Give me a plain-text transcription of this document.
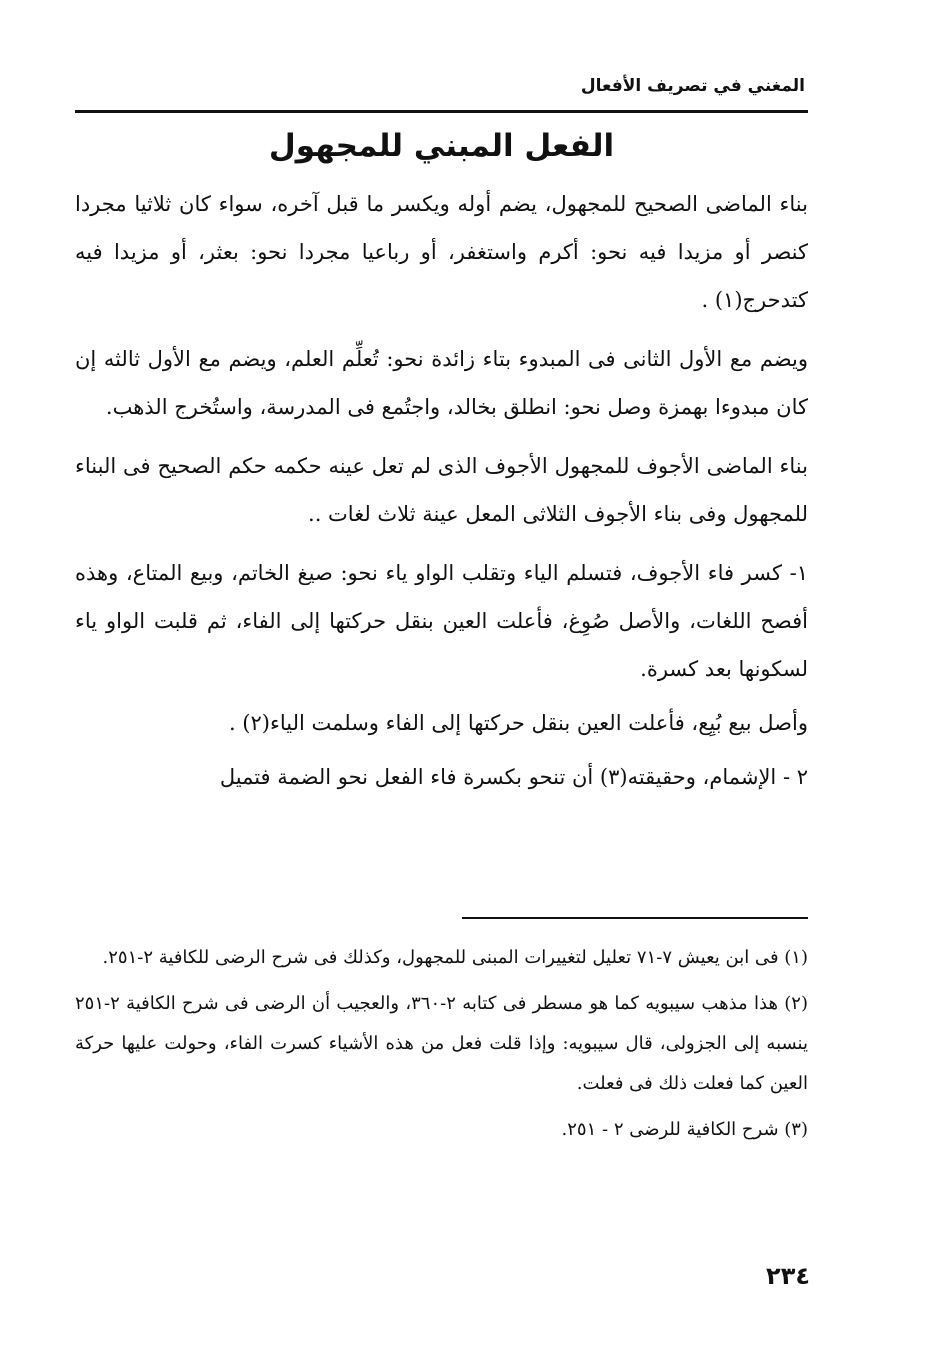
المغني في تصريف الأفعال
الفعل المبني للمجهول

بناء الماضى الصحيح للمجهول، يضم أوله ويكسر ما قبل آخره، سواء كان ثلاثيا مجردا كنصر أو مزيدا فيه نحو: أكرم واستغفر، أو رباعيا مجردا نحو: بعثر، أو مزيدا فيه كتدحرج(١) .

ويضم مع الأول الثانى فى المبدوء بتاء زائدة نحو: تُعلِّم العلم، ويضم مع الأول ثالثه إن كان مبدوءا بهمزة وصل نحو: انطلق بخالد، واجتُمع فى المدرسة، واستُخرج الذهب.

بناء الماضى الأجوف للمجهول الأجوف الذى لم تعل عينه حكمه حكم الصحيح فى البناء للمجهول وفى بناء الأجوف الثلاثى المعل عينة ثلاث لغات ..

١- كسر فاء الأجوف، فتسلم الياء وتقلب الواو ياء نحو: صيغ الخاتم، وبيع المتاع، وهذه أفصح اللغات، والأصل صُوِغ، فأعلت العين بنقل حركتها إلى الفاء، ثم قلبت الواو ياء لسكونها بعد كسرة.

وأصل بيع بُيِع، فأعلت العين بنقل حركتها إلى الفاء وسلمت الياء(٢) .

٢ - الإشمام، وحقيقته(٣) أن تنحو بكسرة فاء الفعل نحو الضمة فتميل

(١) فى ابن يعيش ٧-٧١ تعليل لتغييرات المبنى للمجهول، وكذلك فى شرح الرضى للكافية ٢-٢٥١.

(٢) هذا مذهب سيبويه كما هو مسطر فى كتابه ٢-٣٦٠، والعجيب أن الرضى فى شرح الكافية ٢-٢٥١ ينسبه إلى الجزولى، قال سيبويه: وإذا قلت فعل من هذه الأشياء كسرت الفاء، وحولت عليها حركة العين كما فعلت ذلك فى فعلت.

(٣) شرح الكافية للرضى ٢ - ٢٥١.

٢٣٤
